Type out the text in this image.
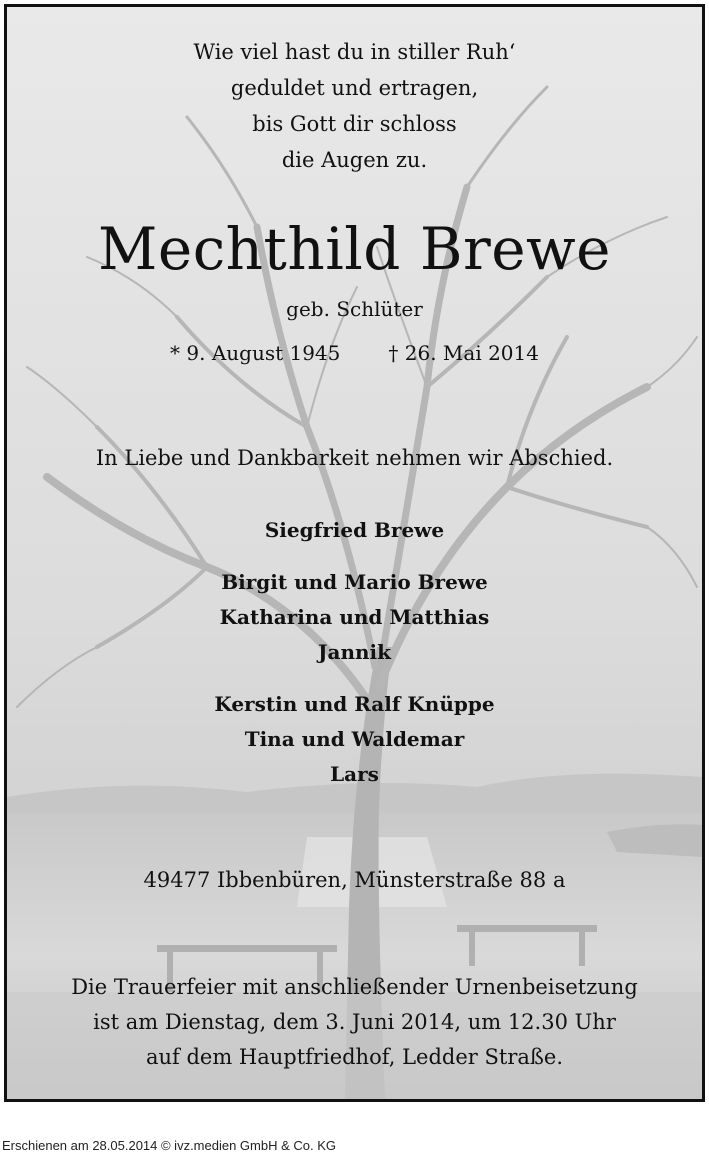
Wie viel hast du in stiller Ruh‘
geduldet und ertragen,
bis Gott dir schloss
die Augen zu.
Mechthild Brewe
geb. Schlüter
* 9. August 1945 † 26. Mai 2014
In Liebe und Dankbarkeit nehmen wir Abschied.
Siegfried Brewe
Birgit und Mario Brewe
Katharina und Matthias
Jannik
Kerstin und Ralf Knüppe
Tina und Waldemar
Lars
49477 Ibbenbüren, Münsterstraße 88 a
Die Trauerfeier mit anschließender Urnenbeisetzung
ist am Dienstag, dem 3. Juni 2014, um 12.30 Uhr
auf dem Hauptfriedhof, Ledder Straße.
Erschienen am 28.05.2014 © ivz.medien GmbH & Co. KG
